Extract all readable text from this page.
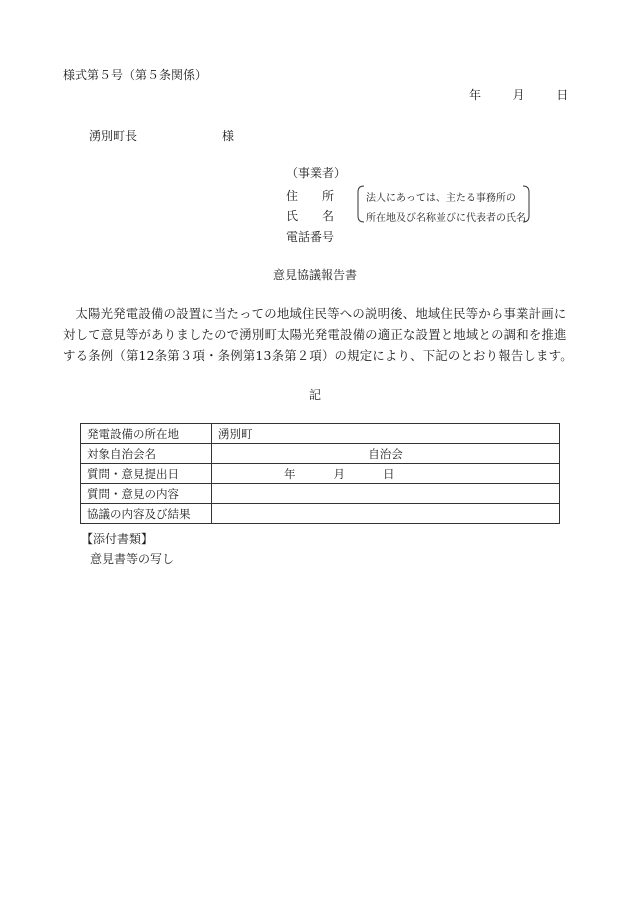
様式第５号（第５条関係）
年	月	日
湧別町長	様
（事業者）
住　　所
氏　　名
電話番号
法人にあっては、主たる事務所の
所在地及び名称並びに代表者の氏名
意見協議報告書
太陽光発電設備の設置に当たっての地域住民等への説明後、地域住民等から事業計画に対して意見等がありましたので湧別町太陽光発電設備の適正な設置と地域との調和を推進する条例（第12条第３項・条例第13条第２項）の規定により、下記のとおり報告します。
記
発電設備の所在地	湧別町
対象自治会名	自治会
質問・意見提出日	年 月 日
質問・意見の内容	
協議の内容及び結果	
【添付書類】
意見書等の写し
